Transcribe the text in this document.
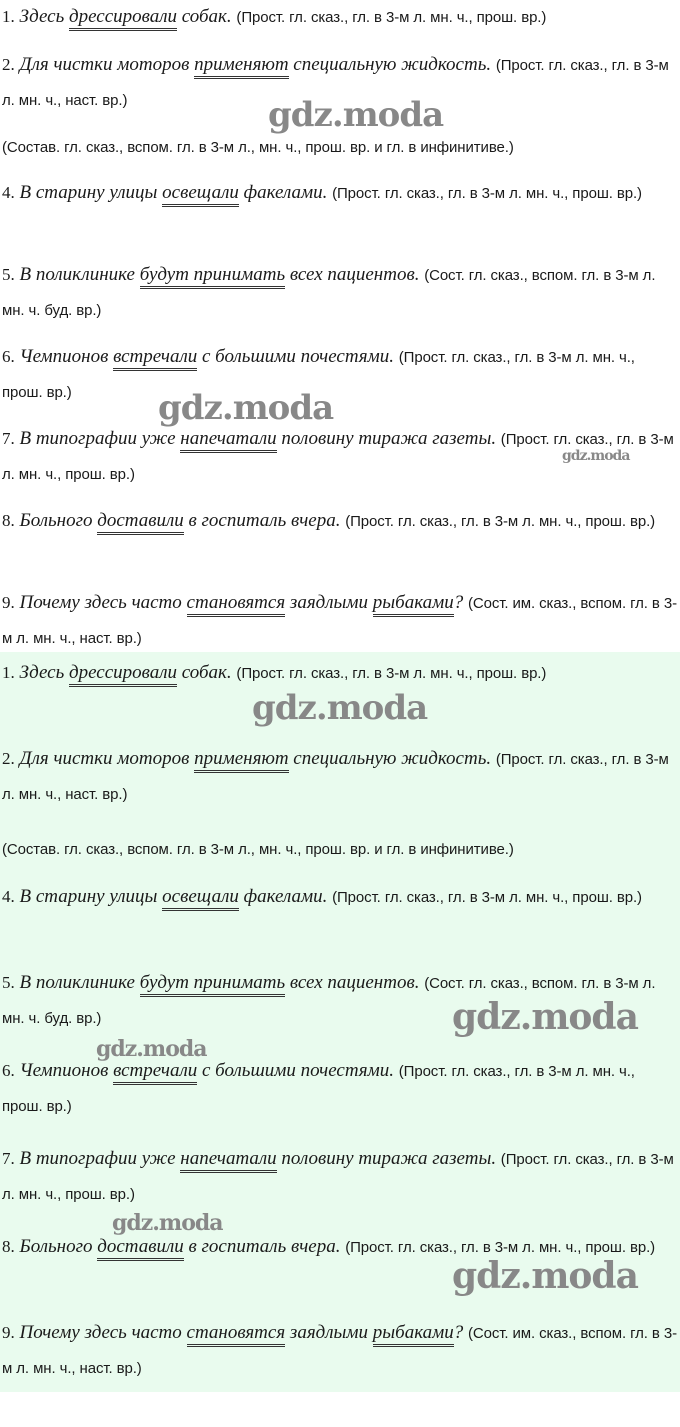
1. Здесь дрессировали собак. (Прост. гл. сказ., гл. в 3-м л. мн. ч., прош. вр.)
2. Для чистки моторов применяют специальную жидкость. (Прост. гл. сказ., гл. в 3-м л. мн. ч., наст. вр.)
(Состав. гл. сказ., вспом. гл. в 3-м л., мн. ч., прош. вр. и гл. в инфинитиве.)
4. В старину улицы освещали факелами. (Прост. гл. сказ., гл. в 3-м л. мн. ч., прош. вр.)
5. В поликлинике будут принимать всех пациентов. (Сост. гл. сказ., вспом. гл. в 3-м л. мн. ч. буд. вр.)
6. Чемпионов встречали с большими почестями. (Прост. гл. сказ., гл. в 3-м л. мн. ч., прош. вр.)
7. В типографии уже напечатали половину тиража газеты. (Прост. гл. сказ., гл. в 3-м л. мн. ч., прош. вр.)
8. Больного доставили в госпиталь вчера. (Прост. гл. сказ., гл. в 3-м л. мн. ч., прош. вр.)
9. Почему здесь часто становятся заядлыми рыбаками? (Сост. им. сказ., вспом. гл. в 3-м л. мн. ч., наст. вр.)
1. Здесь дрессировали собак. (Прост. гл. сказ., гл. в 3-м л. мн. ч., прош. вр.)
2. Для чистки моторов применяют специальную жидкость. (Прост. гл. сказ., гл. в 3-м л. мн. ч., наст. вр.)
(Состав. гл. сказ., вспом. гл. в 3-м л., мн. ч., прош. вр. и гл. в инфинитиве.)
4. В старину улицы освещали факелами. (Прост. гл. сказ., гл. в 3-м л. мн. ч., прош. вр.)
5. В поликлинике будут принимать всех пациентов. (Сост. гл. сказ., вспом. гл. в 3-м л. мн. ч. буд. вр.)
6. Чемпионов встречали с большими почестями. (Прост. гл. сказ., гл. в 3-м л. мн. ч., прош. вр.)
7. В типографии уже напечатали половину тиража газеты. (Прост. гл. сказ., гл. в 3-м л. мн. ч., прош. вр.)
8. Больного доставили в госпиталь вчера. (Прост. гл. сказ., гл. в 3-м л. мн. ч., прош. вр.)
9. Почему здесь часто становятся заядлыми рыбаками? (Сост. им. сказ., вспом. гл. в 3-м л. мн. ч., наст. вр.)
gdz.moda
gdz.moda
gdz.moda
gdz.moda
gdz.moda
gdz.moda
gdz.moda
gdz.moda
